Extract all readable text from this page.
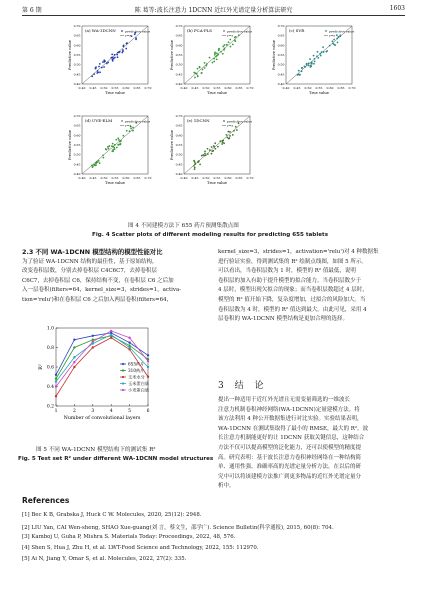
第 6 期	陈 葛等:波长注意力 1DCNN 近红外光谱定量分析算法研究	1603
(a) WA-1DCNN	predictive value
y=x
0.40 0.45 0.50 0.55 0.60 0.65 0.70
0.40
0.45
0.50
0.55
0.60
0.65
0.70
True value
Predictive value
(b) PCA-PLS	predictive value
y=x
0.40 0.45 0.50 0.55 0.60 0.65 0.70
0.40
0.45
0.50
0.55
0.60
0.65
0.70
True value
Predictive value
(c) SVR	predictive value
y=x
0.40 0.45 0.50 0.55 0.60 0.65 0.70
0.40
0.45
0.50
0.55
0.60
0.65
0.70
True value
Predictive value
(d) UVE-ELM	predictive value
y=x
0.40 0.45 0.50 0.55 0.60 0.65 0.70
0.40
0.45
0.50
0.55
0.60
0.65
0.70
True value
Predictive value
(e) 1DCNN	predictive value
y=x
0.40 0.45 0.50 0.55 0.60 0.65 0.70
0.40
0.45
0.50
0.55
0.60
0.65
0.70
True value
Predictive value
图 4 不同建模方法下 655 药片预测集散点图
Fig. 4 Scatter plots of different modeling results for predicting 655 tablets
2.3 不同 WA-1DCNN 模型结构的模型性能对比
为了验证 WA-1DCNN 结构的最佳性，基于原始结构，
改变卷积层数，分别去掉卷积层 C4C6C7，去掉卷积层
C6C7，去掉卷积层 C6，保持结构不变，在卷积层 C6 之后加
入一层卷积(filters=64，kernel_size=3，strides=1，activa-
tion='relu')和在卷积层 C6 之后加入两层卷积(filters=64，
0.2
0.4
0.6
0.8
1.0
1	2	3	4	5	6
Number of convolutional layers
R²
655药片
310药片
玉米水分
玉米蛋白质
小麦蛋白质
图 5 不同 WA-1DCNN 模型结构下的测试集 R²
Fig. 5 Test set R² under different WA-1DCNN model structures
kernel_size=3，strides=1，activation='relu')对 4 种数据集
进行验证实验，得到测试集的 R² 绘制点线图，如图 5 所示。
可以看出，当卷积层数为 1 时，模型的 R² 值最低，说明
卷积层的加入有助于提升模型的拟合能力。当卷积层数少于
4 层时，模型出现欠拟合的现象；而当卷积层数超过 4 层时，
模型的 R² 值开始下降，复杂度增加，过拟合的风险加大。当
卷积层数为 4 时，模型的 R² 值达到最大。由此可见，采用 4
层卷积的 WA-1DCNN 模型结构是更加合理的选择。
3 结 论
提出一种适用于近红外光谱且无需变量筛选的一维波长
注意力机制卷积神经网络(WA-1DCNN)定量建模方法。将
该方法利用 4 种公开数据集进行对比实验。实验结果表明，
WA-1DCNN 在测试集取得了最小的 RMSE，最大的 R²。波
长注意力机制能更好的让 1DCNN 获取关键信息，这种结合
方法不仅可以提高模型的泛化能力，还可以使模型的精度提
高。研究表明：基于波长注意力卷积神经网络在一种结构简
单、通用性强、准确率高的光谱定量分析方法。在以后的研
究中可以将该建模方法推广到更多物品的近红外光谱定量分
析中。
References
[1] Bec K B, Grabska J, Huck C W. Molecules, 2020, 25(12): 2948.
[2] LIU Yan, CAI Wen-sheng, SHAO Xue-guang(刘 言，蔡文生，邵学广). Science Bulletin(科学通报), 2015, 60(8): 704.
[3] Kamboj U, Guha P, Mishra S. Materials Today: Proceedings, 2022, 48, 576.
[4] Shen S, Hua J, Zhu H, et al. LWT-Food Science and Technology, 2022, 155: 112970.
[5] Ai N, Jiang Y, Omar S, et al. Molecules, 2022, 27(2): 335.
